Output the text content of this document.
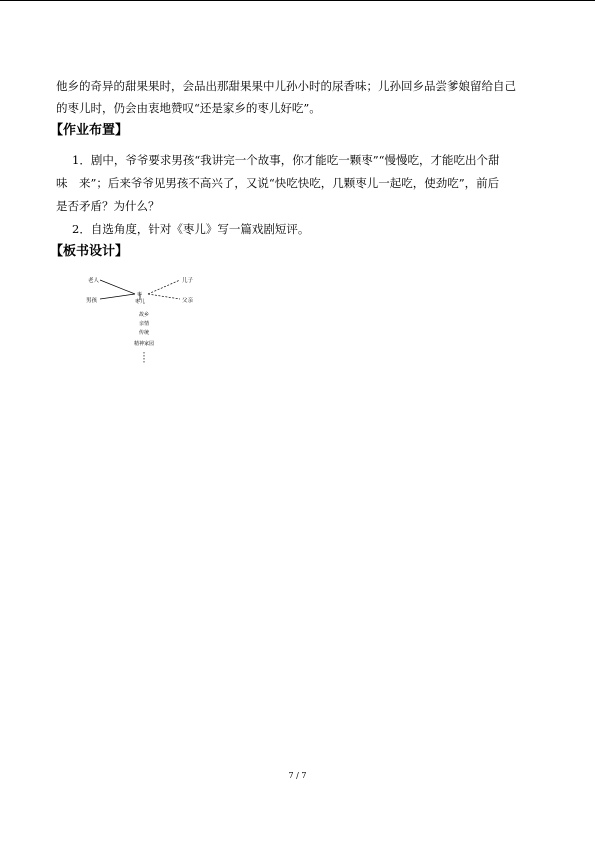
他乡的奇异的甜果果时，会品出那甜果果中儿孙小时的尿香味；儿孙回乡品尝爹娘留给自己
的枣儿时，仍会由衷地赞叹“还是家乡的枣儿好吃”。
【作业布置】
1．剧中，爷爷要求男孩“我讲完一个故事，你才能吃一颗枣”“慢慢吃，才能吃出个甜
味　来”；后来爷爷见男孩不高兴了，又说“快吃快吃，几颗枣儿一起吃，使劲吃”，前后
是否矛盾？为什么？
2．自选角度，针对《枣儿》写一篇戏剧短评。
【板书设计】
老人
男孩
枣
枣儿
儿子
父亲
故乡
亲情
传统
精神家园
7 / 7
